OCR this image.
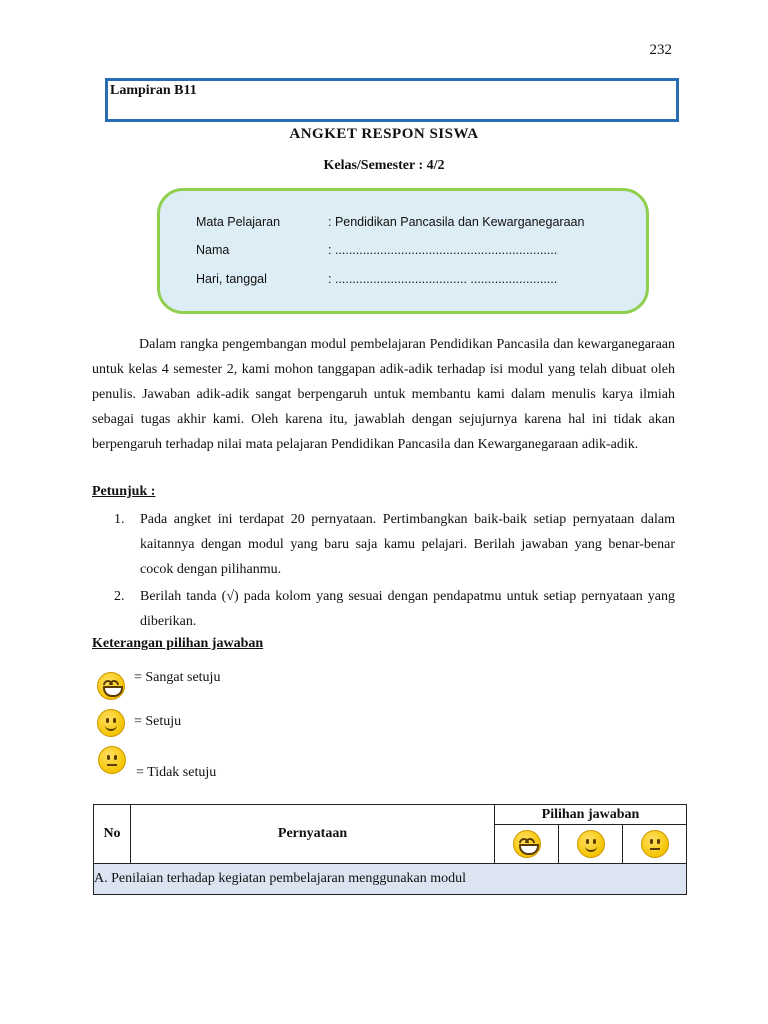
232
Lampiran B11
ANGKET RESPON SISWA
Kelas/Semester : 4/2
Mata Pelajaran	: Pendidikan Pancasila dan Kewarganegaraan
Nama	: ................................................................
Hari, tanggal	: ...................................... .........................

Dalam rangka pengembangan modul pembelajaran Pendidikan Pancasila dan kewarganegaraan untuk kelas 4 semester 2, kami mohon tanggapan adik-adik terhadap isi modul yang telah dibuat oleh penulis. Jawaban adik-adik sangat berpengaruh untuk membantu kami dalam menulis karya ilmiah sebagai tugas akhir kami. Oleh karena itu, jawablah dengan sejujurnya karena hal ini tidak akan berpengaruh terhadap nilai mata pelajaran Pendidikan Pancasila dan Kewarganegaraan adik-adik.

Petunjuk :
1. Pada angket ini terdapat 20 pernyataan. Pertimbangkan baik-baik setiap pernyataan dalam kaitannya dengan modul yang baru saja kamu pelajari. Berilah jawaban yang benar-benar cocok dengan pilihanmu.
2. Berilah tanda (√) pada kolom yang sesuai dengan pendapatmu untuk setiap pernyataan yang diberikan.
Keterangan pilihan jawaban
= Sangat setuju
= Setuju
= Tidak setuju
No	Pernyataan	Pilihan jawaban		

A. Penilaian terhadap kegiatan pembelajaran menggunakan modul				
